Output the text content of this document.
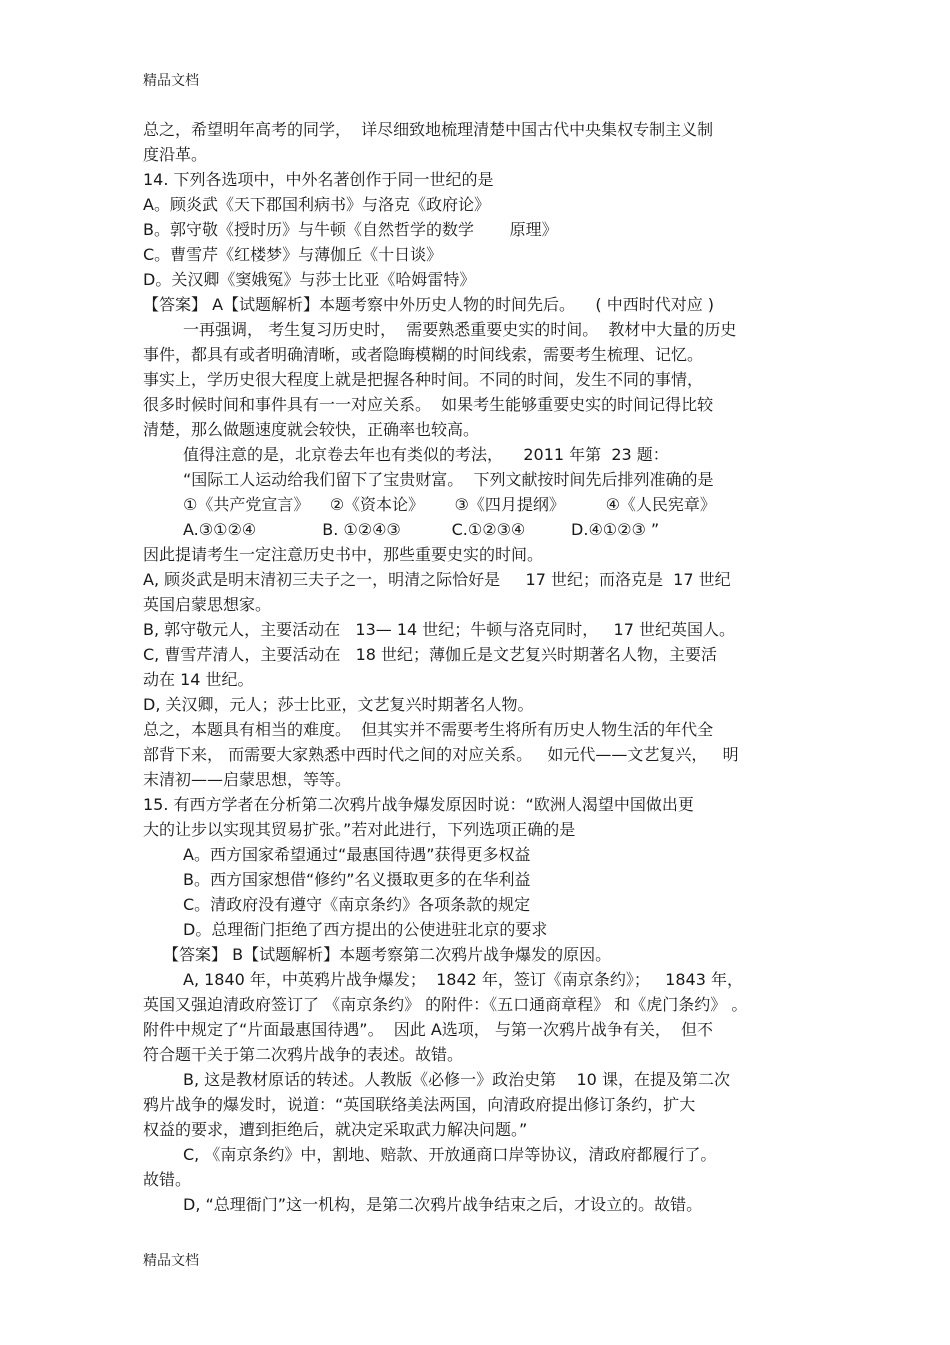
精品文档
总之，希望明年高考的同学，  详尽细致地梳理清楚中国古代中央集权专制主义制
度沿革。
14. 下列各选项中，中外名著创作于同一世纪的是
A。顾炎武《天下郡国利病书》与洛克《政府论》
B。郭守敬《授时历》与牛顿《自然哲学的数学       原理》
C。曹雪芹《红楼梦》与薄伽丘《十日谈》
D。关汉卿《窦娥冤》与莎士比亚《哈姆雷特》
【答案】 A【试题解析】本题考察中外历史人物的时间先后。    ( 中西时代对应 )
一再强调， 考生复习历史时，  需要熟悉重要史实的时间。  教材中大量的历史
事件，都具有或者明确清晰，或者隐晦模糊的时间线索，需要考生梳理、记忆。
事实上，学历史很大程度上就是把握各种时间。不同的时间，发生不同的事情，
很多时候时间和事件具有一一对应关系。  如果考生能够重要史实的时间记得比较
清楚，那么做题速度就会较快，正确率也较高。
值得注意的是，北京卷去年也有类似的考法，    2011 年第  23 题：
“国际工人运动给我们留下了宝贵财富。  下列文献按时间先后排列准确的是
①《共产党宣言》    ②《资本论》      ③《四月提纲》        ④《人民宪章》
A.③①②④             B. ①②④③          C.①②③④         D.④①②③ ”
因此提请考生一定注意历史书中，那些重要史实的时间。
A, 顾炎武是明末清初三夫子之一，明清之际恰好是     17 世纪；而洛克是  17 世纪
英国启蒙思想家。
B, 郭守敬元人，主要活动在   13— 14 世纪；牛顿与洛克同时，   17 世纪英国人。
C, 曹雪芹清人，主要活动在   18 世纪；薄伽丘是文艺复兴时期著名人物，主要活
动在 14 世纪。
D, 关汉卿，元人；莎士比亚，文艺复兴时期著名人物。
总之，本题具有相当的难度。  但其实并不需要考生将所有历史人物生活的年代全
部背下来， 而需要大家熟悉中西时代之间的对应关系。   如元代——文艺复兴，   明
末清初——启蒙思想，等等。
15. 有西方学者在分析第二次鸦片战争爆发原因时说：“欧洲人渴望中国做出更
大的让步以实现其贸易扩张。”若对此进行，下列选项正确的是
A。西方国家希望通过“最惠国待遇”获得更多权益
B。西方国家想借“修约”名义摄取更多的在华利益
C。清政府没有遵守《南京条约》各项条款的规定
D。总理衙门拒绝了西方提出的公使进驻北京的要求
【答案】 B【试题解析】本题考察第二次鸦片战争爆发的原因。
A, 1840 年，中英鸦片战争爆发；  1842 年，签订《南京条约》；   1843 年，
英国又强迫清政府签订了 《南京条约》 的附件：《五口通商章程》 和《虎门条约》 。
附件中规定了“片面最惠国待遇”。  因此 A选项， 与第一次鸦片战争有关，  但不
符合题干关于第二次鸦片战争的表述。故错。
B, 这是教材原话的转述。人教版《必修一》政治史第    10 课，在提及第二次
鸦片战争的爆发时，说道：“英国联络美法两国，向清政府提出修订条约，扩大
权益的要求，遭到拒绝后，就决定采取武力解决问题。”
C, 《南京条约》中，割地、赔款、开放通商口岸等协议，清政府都履行了。
故错。
D, “总理衙门”这一机构，是第二次鸦片战争结束之后，才设立的。故错。
精品文档
